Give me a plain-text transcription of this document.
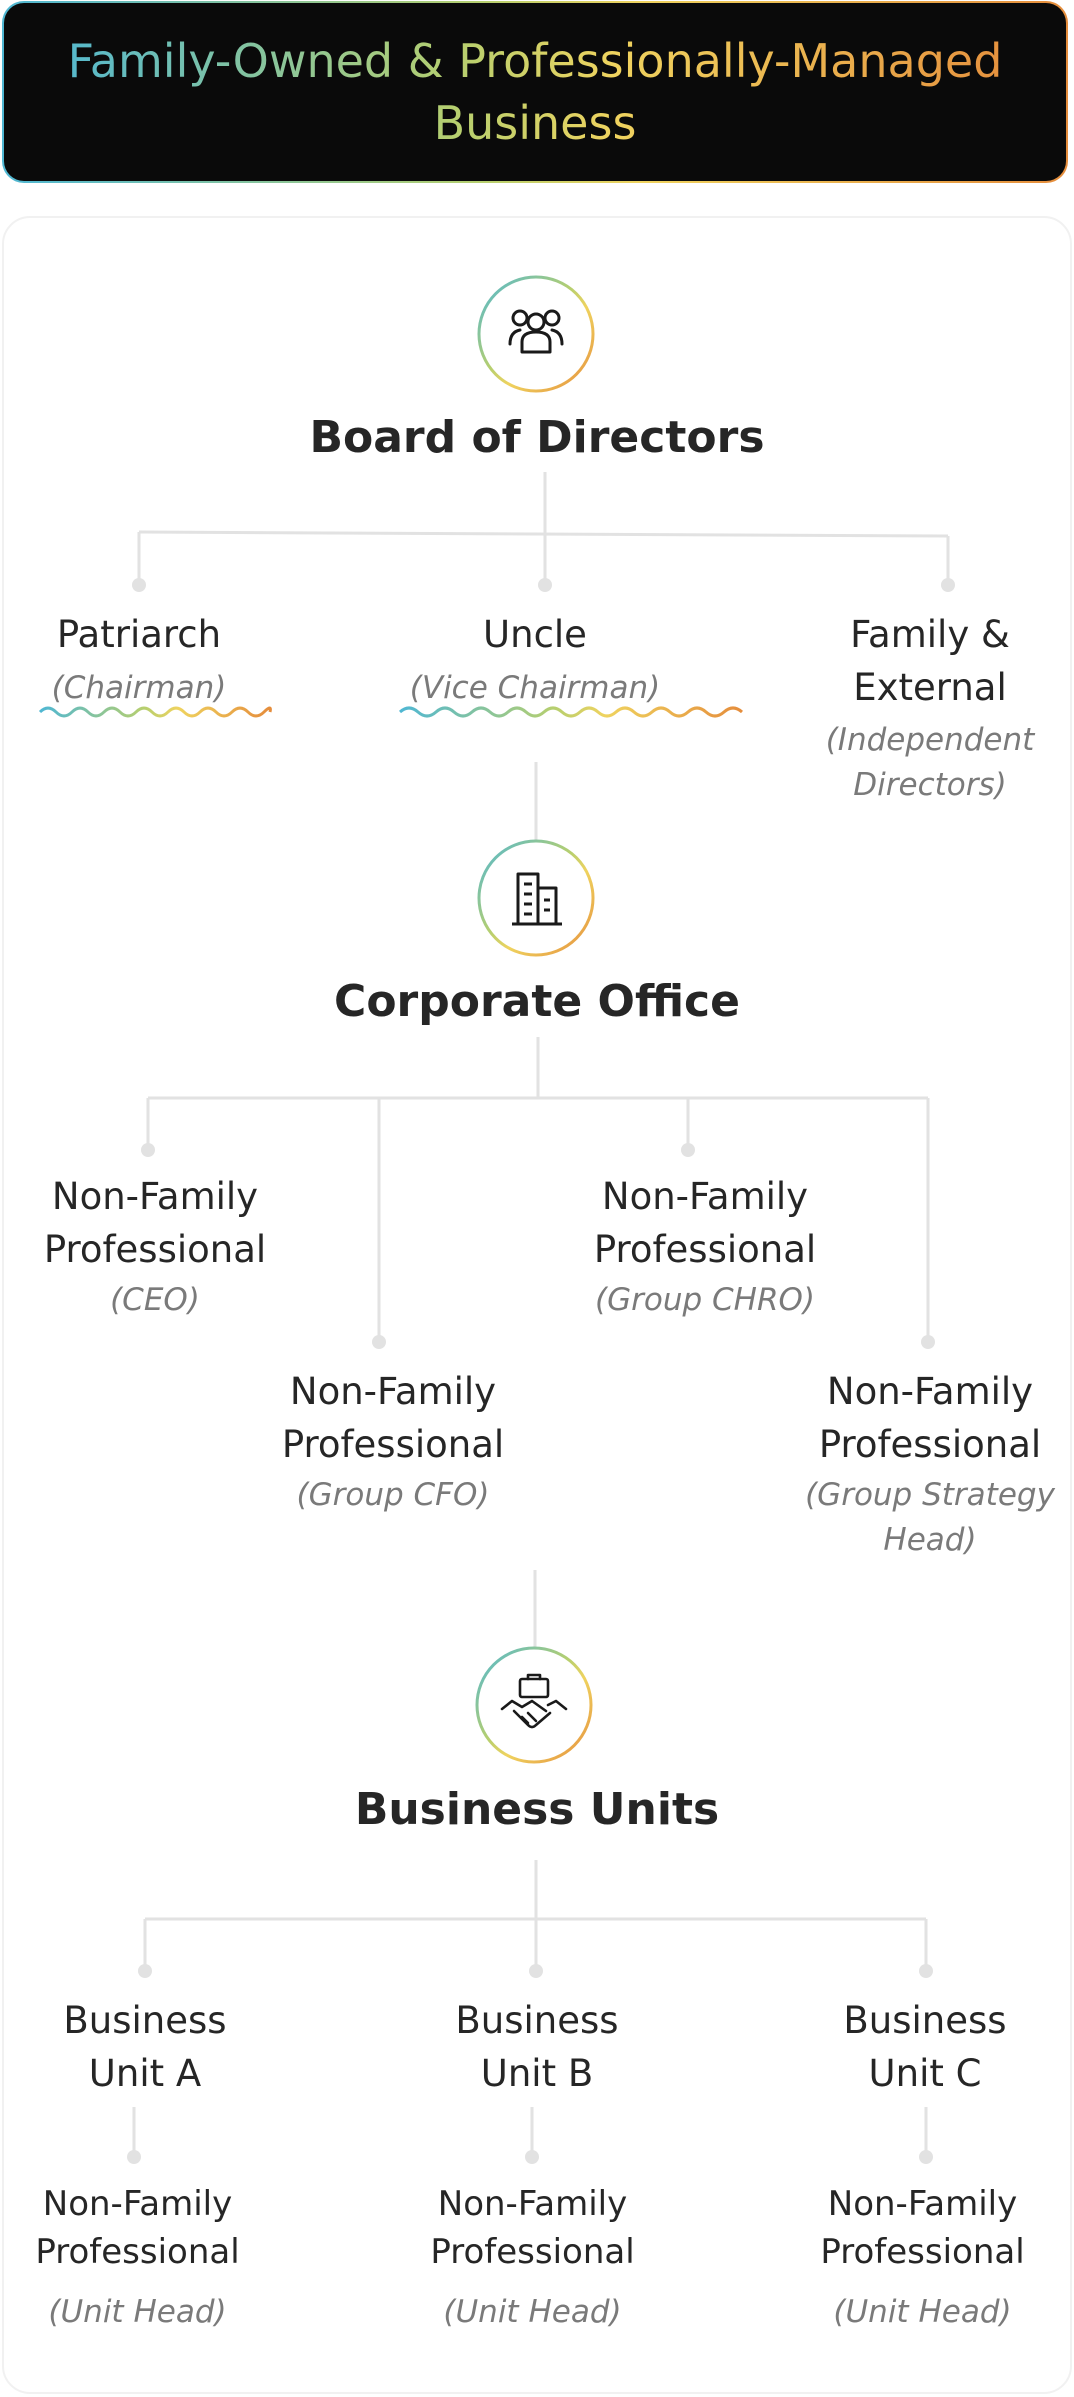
Family-Owned & Professionally-Managed Business
Board of Directors
Patriarch
(Chairman)
Uncle
(Vice Chairman)
Family & External
(Independent Directors)
Corporate Office
Non-Family Professional
(CEO)
Non-Family Professional
(Group CFO)
Non-Family Professional
(Group CHRO)
Non-Family Professional
(Group Strategy Head)
Business Units
Business Unit A
Non-Family Professional
(Unit Head)
Business Unit B
Non-Family Professional
(Unit Head)
Business Unit C
Non-Family Professional
(Unit Head)
